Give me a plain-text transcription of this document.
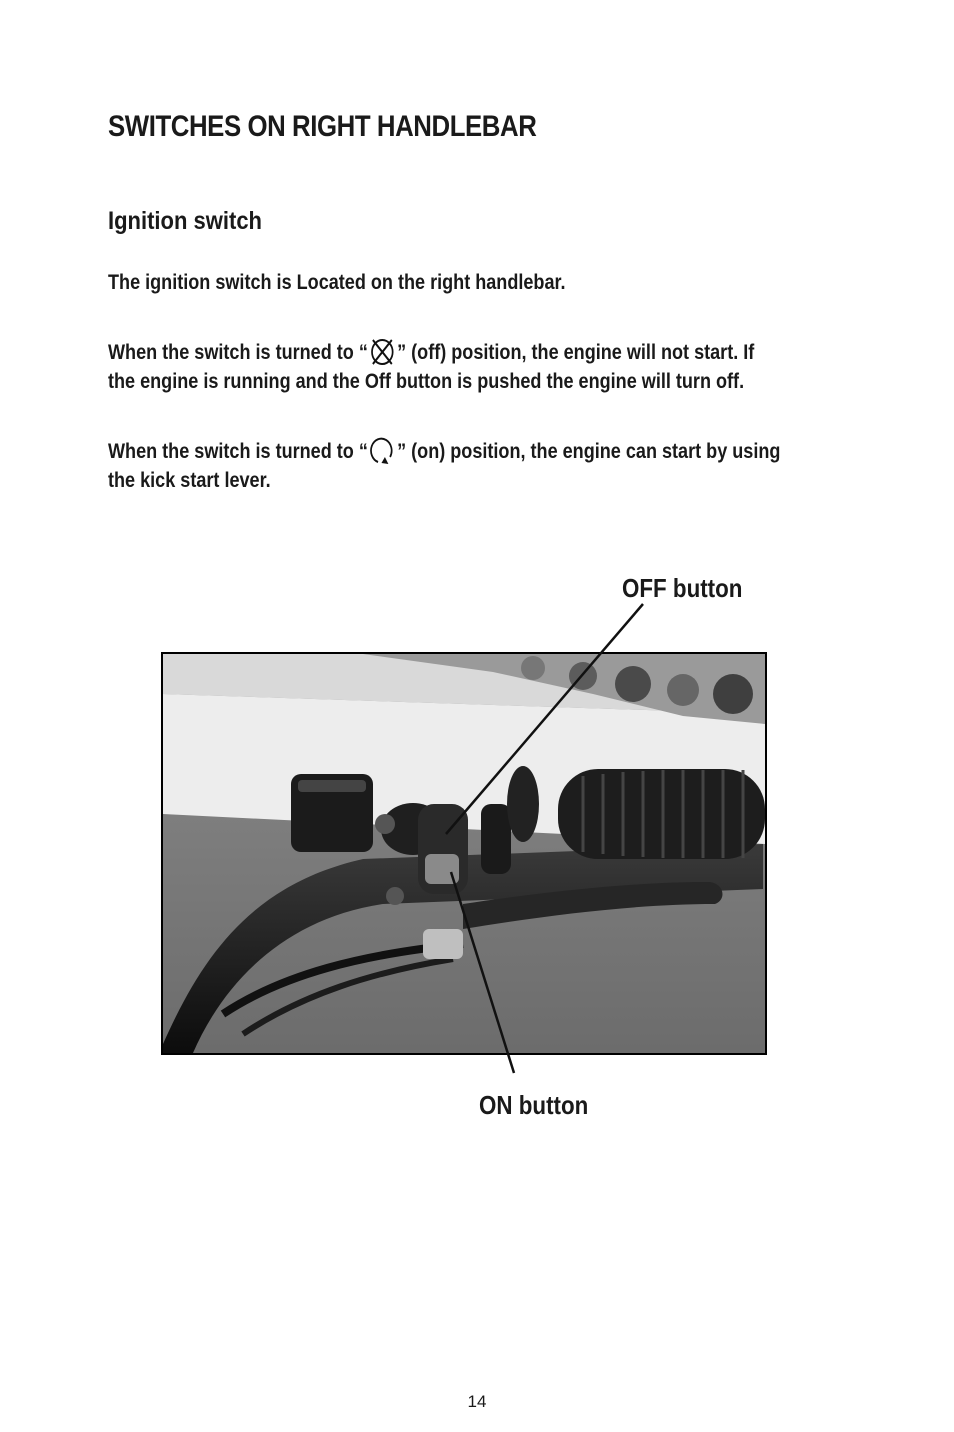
SWITCHES ON RIGHT HANDLEBAR
Ignition switch
The ignition switch is Located on the right handlebar.
When the switch is turned to “ ” (off) position, the engine will not start. If
the engine is running and the Off button is pushed the engine will turn off.
When the switch is turned to “ ” (on) position, the engine can start by using
the kick start lever.
OFF button
ON button
14
